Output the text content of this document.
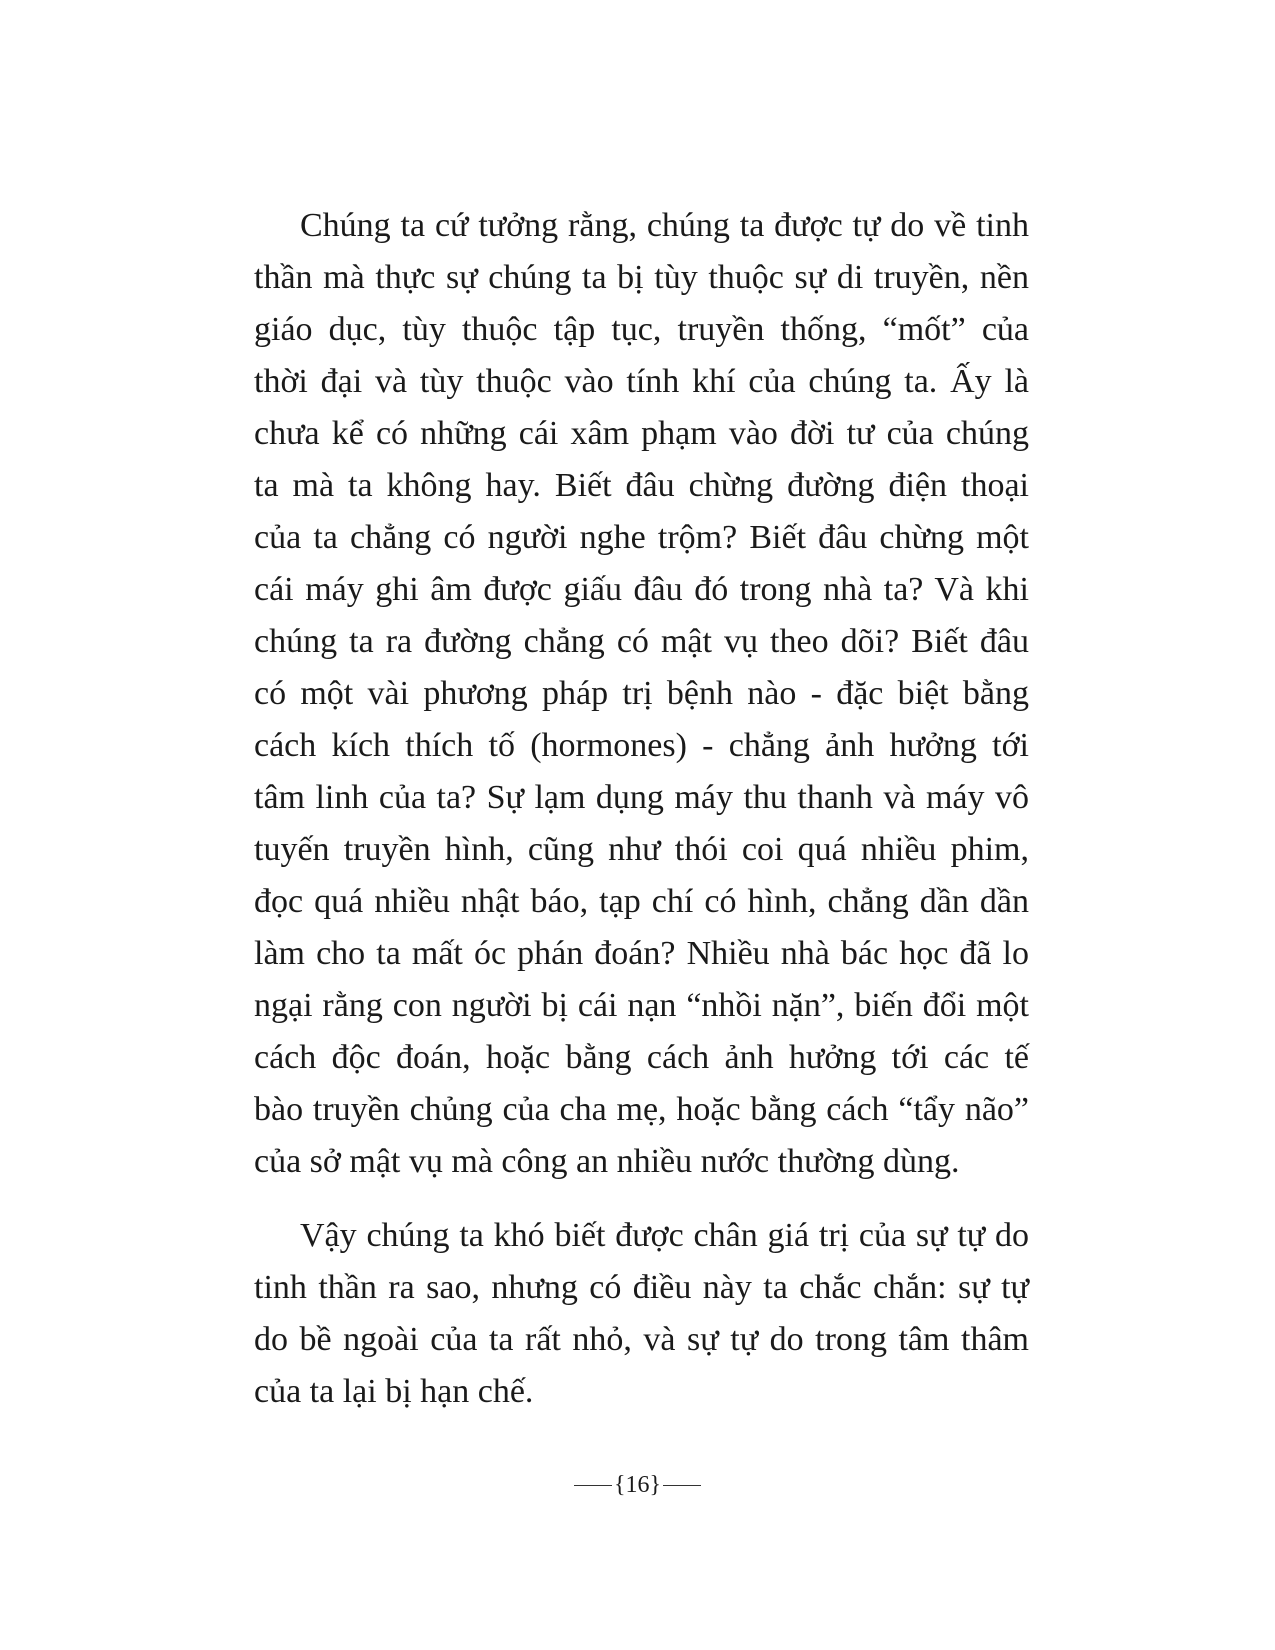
Chúng ta cứ tưởng rằng, chúng ta được tự do về tinh
thần mà thực sự chúng ta bị tùy thuộc sự di truyền, nền
giáo dục, tùy thuộc tập tục, truyền thống, “mốt” của
thời đại và tùy thuộc vào tính khí của chúng ta. Ấy là
chưa kể có những cái xâm phạm vào đời tư của chúng
ta mà ta không hay. Biết đâu chừng đường điện thoại
của ta chẳng có người nghe trộm? Biết đâu chừng một
cái máy ghi âm được giấu đâu đó trong nhà ta? Và khi
chúng ta ra đường chẳng có mật vụ theo dõi? Biết đâu
có một vài phương pháp trị bệnh nào - đặc biệt bằng
cách kích thích tố (hormones) - chẳng ảnh hưởng tới
tâm linh của ta? Sự lạm dụng máy thu thanh và máy vô
tuyến truyền hình, cũng như thói coi quá nhiều phim,
đọc quá nhiều nhật báo, tạp chí có hình, chẳng dần dần
làm cho ta mất óc phán đoán? Nhiều nhà bác học đã lo
ngại rằng con người bị cái nạn “nhồi nặn”, biến đổi một
cách độc đoán, hoặc bằng cách ảnh hưởng tới các tế
bào truyền chủng của cha mẹ, hoặc bằng cách “tẩy não”
của sở mật vụ mà công an nhiều nước thường dùng.
Vậy chúng ta khó biết được chân giá trị của sự tự do
tinh thần ra sao, nhưng có điều này ta chắc chắn: sự tự
do bề ngoài của ta rất nhỏ, và sự tự do trong tâm thâm
của ta lại bị hạn chế.
{ 16 }
